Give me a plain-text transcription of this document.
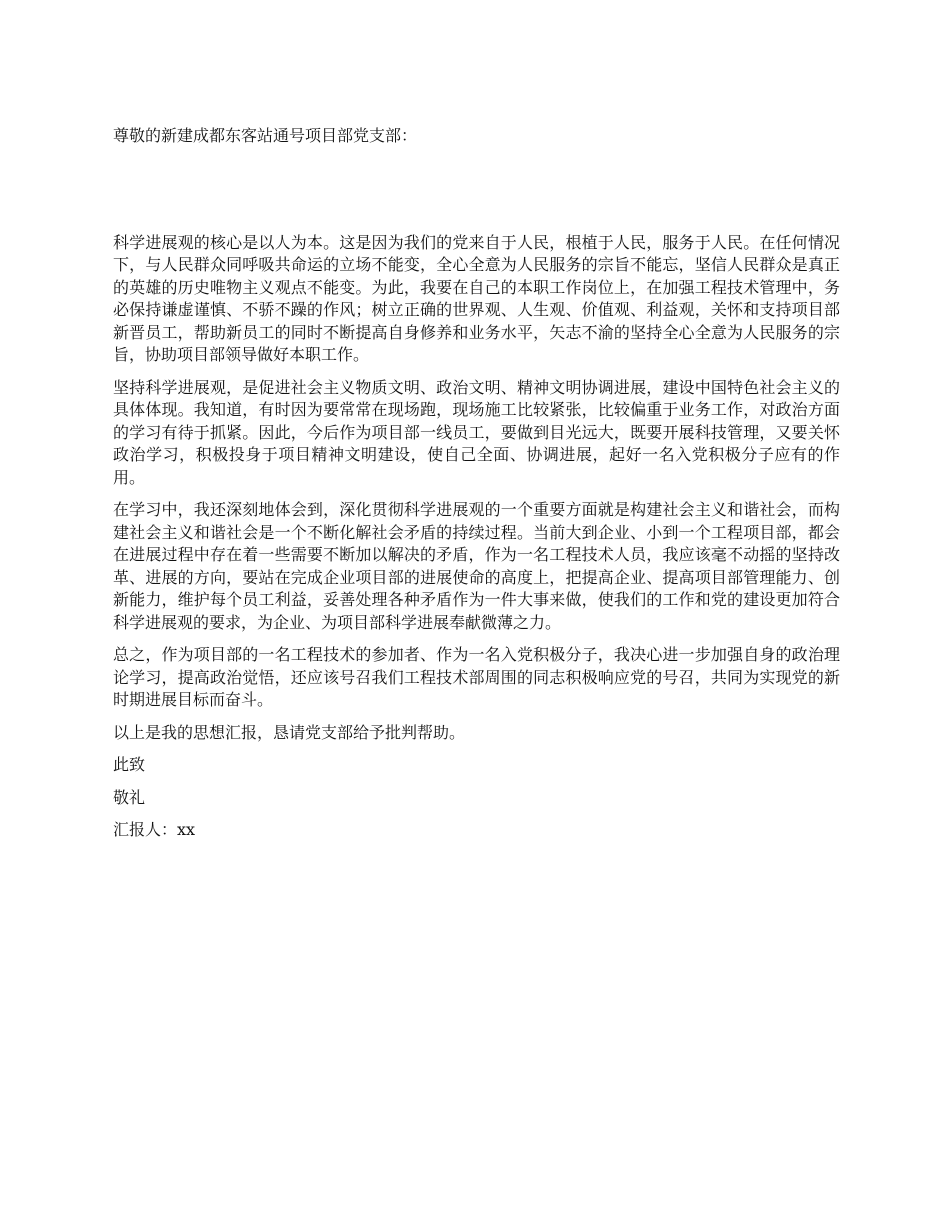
尊敬的新建成都东客站通号项目部党支部：

科学进展观的核心是以人为本。这是因为我们的党来自于人民，根植于人民，服务于人民。在任何情况下，与人民群众同呼吸共命运的立场不能变，全心全意为人民服务的宗旨不能忘，坚信人民群众是真正的英雄的历史唯物主义观点不能变。为此，我要在自己的本职工作岗位上，在加强工程技术管理中，务必保持谦虚谨慎、不骄不躁的作风；树立正确的世界观、人生观、价值观、利益观，关怀和支持项目部新晋员工，帮助新员工的同时不断提高自身修养和业务水平，矢志不渝的坚持全心全意为人民服务的宗旨，协助项目部领导做好本职工作。

坚持科学进展观，是促进社会主义物质文明、政治文明、精神文明协调进展，建设中国特色社会主义的具体体现。我知道，有时因为要常常在现场跑，现场施工比较紧张，比较偏重于业务工作，对政治方面的学习有待于抓紧。因此，今后作为项目部一线员工，要做到目光远大，既要开展科技管理，又要关怀政治学习，积极投身于项目精神文明建设，使自己全面、协调进展，起好一名入党积极分子应有的作用。

在学习中，我还深刻地体会到，深化贯彻科学进展观的一个重要方面就是构建社会主义和谐社会，而构建社会主义和谐社会是一个不断化解社会矛盾的持续过程。当前大到企业、小到一个工程项目部，都会在进展过程中存在着一些需要不断加以解决的矛盾，作为一名工程技术人员，我应该毫不动摇的坚持改革、进展的方向，要站在完成企业项目部的进展使命的高度上，把提高企业、提高项目部管理能力、创新能力，维护每个员工利益，妥善处理各种矛盾作为一件大事来做，使我们的工作和党的建设更加符合科学进展观的要求，为企业、为项目部科学进展奉献微薄之力。

总之，作为项目部的一名工程技术的参加者、作为一名入党积极分子，我决心进一步加强自身的政治理论学习，提高政治觉悟，还应该号召我们工程技术部周围的同志积极响应党的号召，共同为实现党的新时期进展目标而奋斗。

以上是我的思想汇报，恳请党支部给予批判帮助。

此致

敬礼

汇报人：xx
